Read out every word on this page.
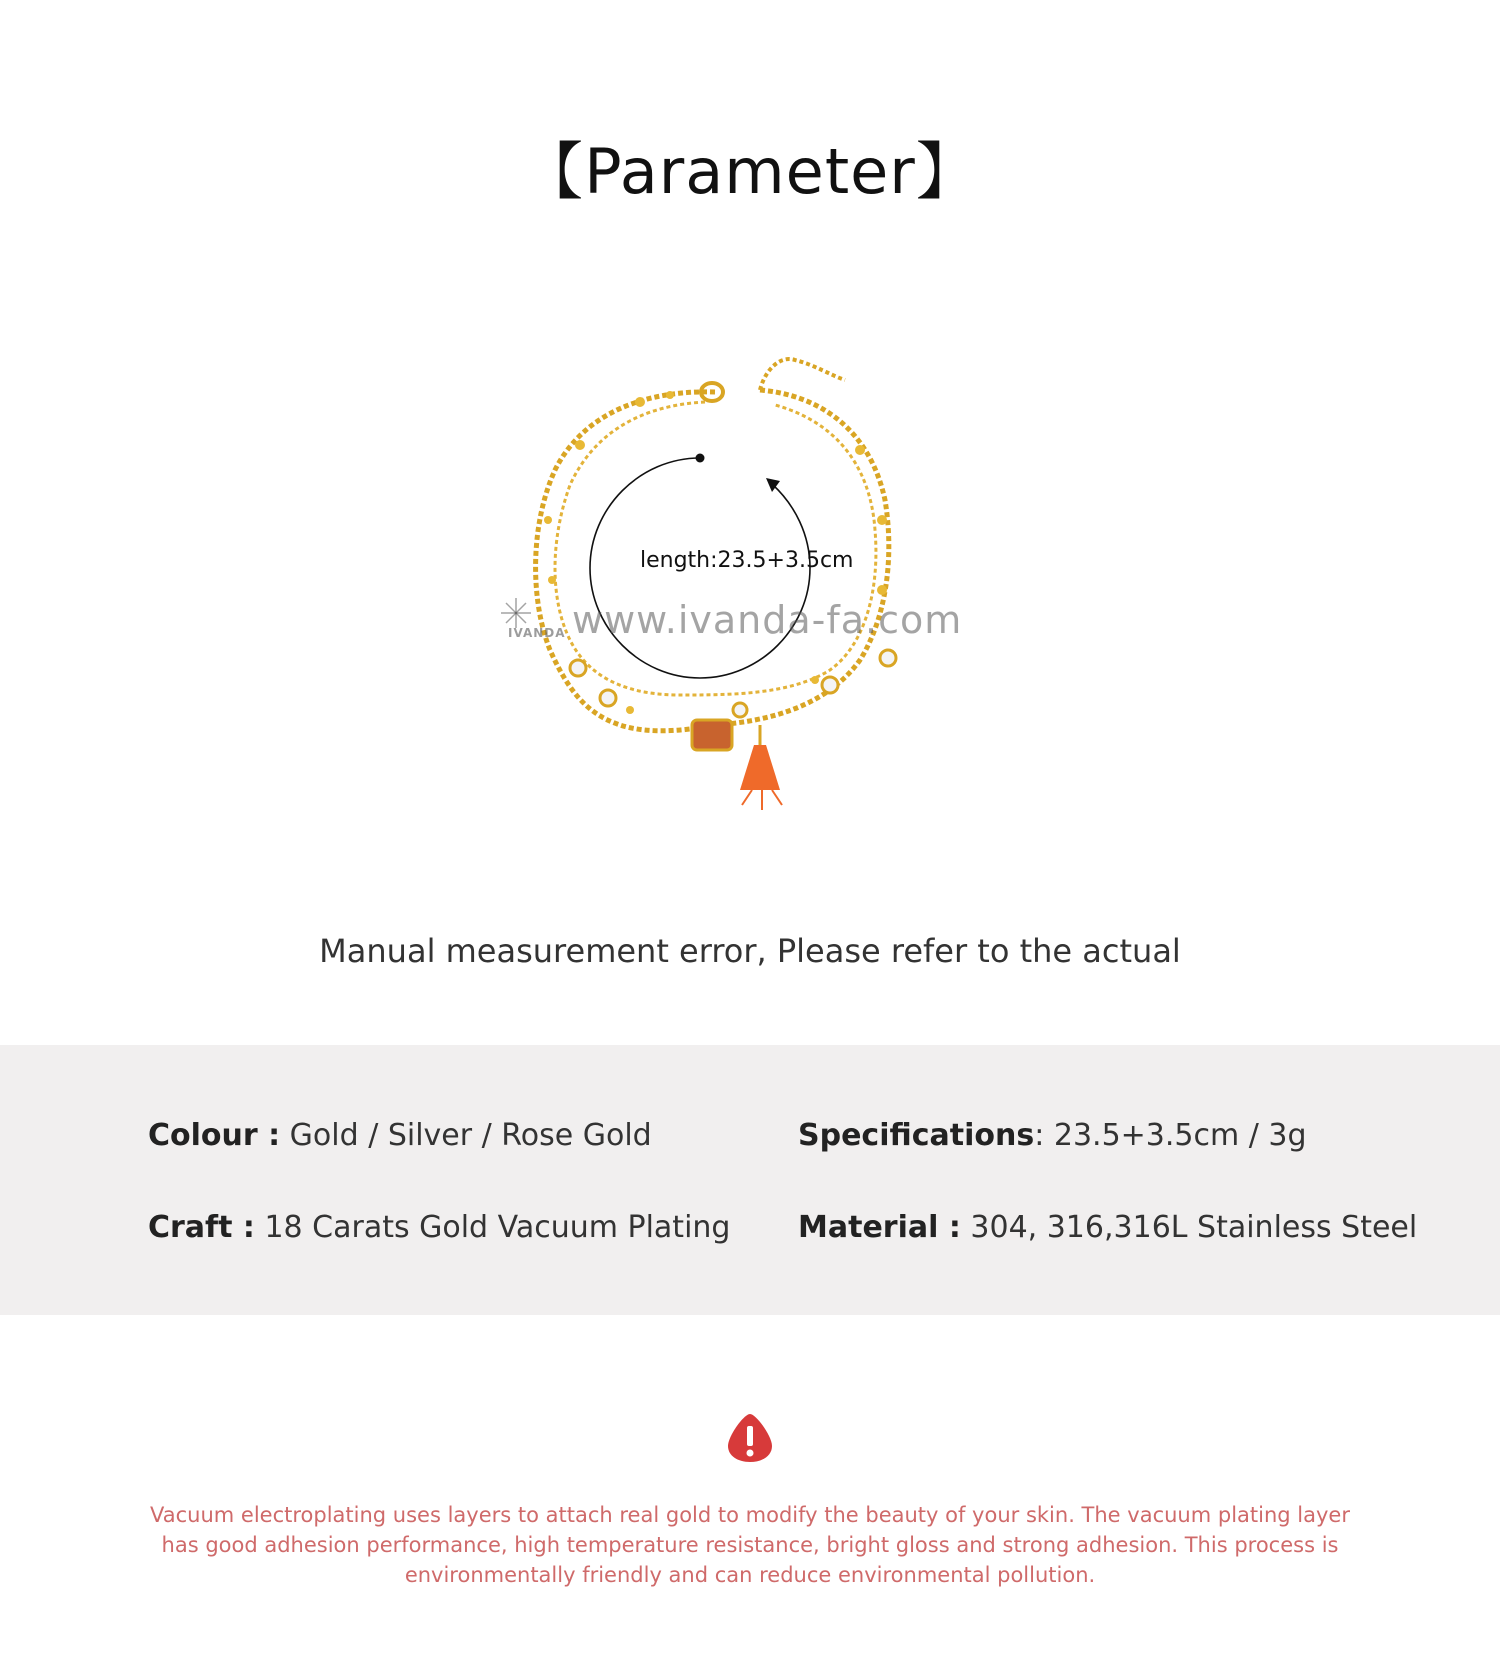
【Parameter】
length:23.5+3.5cm
www.ivanda-fa.com
IVANDA
Manual measurement error, Please refer to the actual
Colour : Gold / Silver / Rose Gold	Specifications: 23.5+3.5cm / 3g
Craft : 18 Carats Gold Vacuum Plating Material : 304, 316,316L Stainless Steel
Vacuum electroplating uses layers to attach real gold to modify the beauty of your skin. The vacuum plating layer has good adhesion performance, high temperature resistance, bright gloss and strong adhesion. This process is environmentally friendly and can reduce environmental pollution.
